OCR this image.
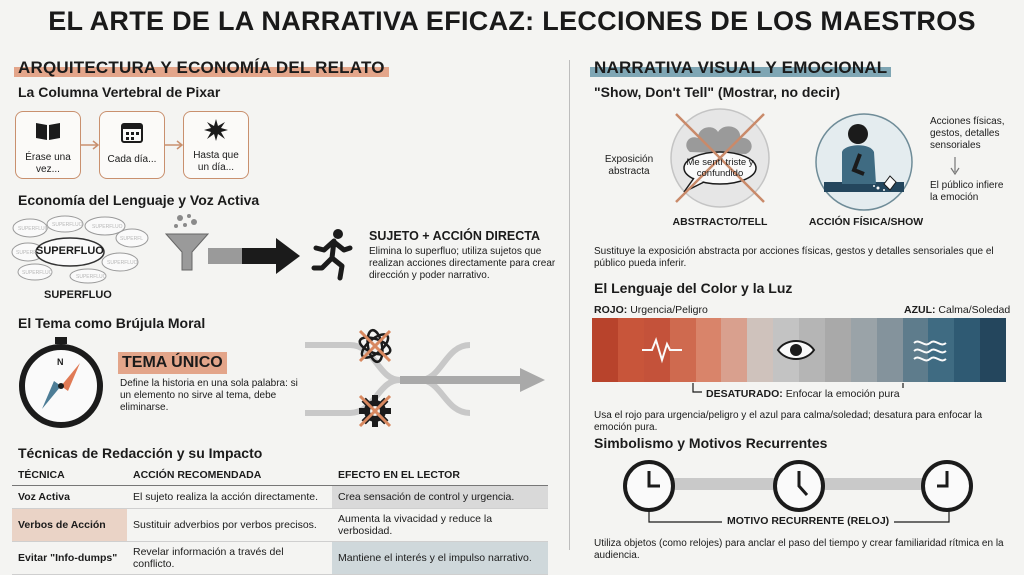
EL ARTE DE LA NARRATIVA EFICAZ: LECCIONES DE LOS MAESTROS
ARQUITECTURA Y ECONOMÍA DEL RELATO
La Columna Vertebral de Pixar
Érase una vez...
Cada día...	Hasta que un día...
Economía del Lenguaje y Voz Activa
SUPERFLUO
SUPERFLUO SUPERFLUO
SUPERFL
SUPERFL
SUPERFLUO
SUPERFLUO
SUPERFLUO
SUPERFLUO
SUPERFLUO
SUJETO + ACCIÓN DIRECTA
Elimina lo superfluo; utiliza sujetos que realizan acciones directamente para crear dirección y poder narrativo.
El Tema como Brújula Moral
N	TEMA ÚNICO
Define la historia en una sola palabra: si un elemento no sirve al tema, debe eliminarse.
Técnicas de Redacción y su Impacto
TÉCNICA	ACCIÓN RECOMENDADA	EFECTO EN EL LECTOR
Voz Activa	El sujeto realiza la acción directamente.	Crea sensación de control y urgencia.
Verbos de Acción	Sustituir adverbios por verbos precisos.	Aumenta la vivacidad y reduce la verbosidad.
Evitar "Info-dumps"	Revelar información a través del conflicto.	Mantiene el interés y el impulso narrativo.
NARRATIVA VISUAL Y EMOCIONAL
"Show, Don't Tell" (Mostrar, no decir)
Exposición abstracta
Me sentí triste y confundido
ABSTRACTO/TELL	ACCIÓN FÍSICA/SHOW
Acciones físicas, gestos, detalles sensoriales
El público infiere la emoción
Sustituye la exposición abstracta por acciones físicas, gestos y detalles sensoriales que el público pueda inferir.
El Lenguaje del Color y la Luz
ROJO: Urgencia/Peligro	AZUL: Calma/Soledad
DESATURADO: Enfocar la emoción pura
Usa el rojo para urgencia/peligro y el azul para calma/soledad; desatura para enfocar la emoción pura.
Simbolismo y Motivos Recurrentes
MOTIVO RECURRENTE (RELOJ)
Utiliza objetos (como relojes) para anclar el paso del tiempo y crear familiaridad rítmica en la audiencia.
